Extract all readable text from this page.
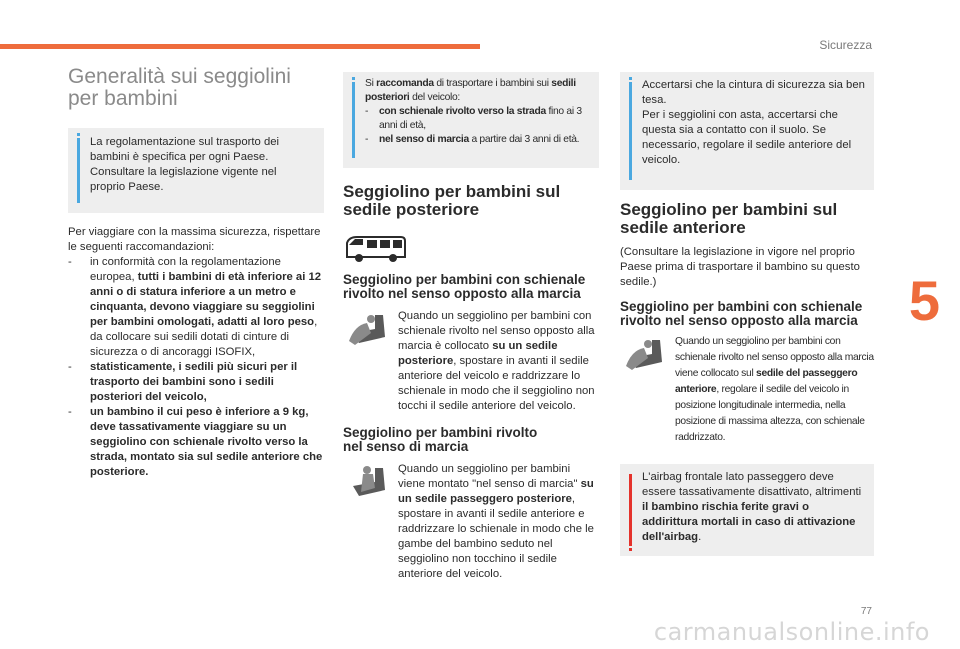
Sicurezza
5
77
carmanualsonline.info
Generalità sui seggiolini
per bambini
La regolamentazione sul trasporto dei bambini è specifica per ogni Paese. Consultare la legislazione vigente nel proprio Paese.
Per viaggiare con la massima sicurezza, rispettare le seguenti raccomandazioni:
-	in conformità con la regolamentazione europea, tutti i bambini di età inferiore ai 12 anni o di statura inferiore a un metro e cinquanta, devono viaggiare su seggiolini per bambini omologati, adatti al loro peso, da collocare sui sedili dotati di cinture di sicurezza o di ancoraggi ISOFIX,
-	statisticamente, i sedili più sicuri per il trasporto dei bambini sono i sedili posteriori del veicolo,
-	un bambino il cui peso è inferiore a 9 kg, deve tassativamente viaggiare su un seggiolino con schienale rivolto verso la strada, montato sia sul sedile anteriore che posteriore.
Si raccomanda di trasportare i bambini sui sedili posteriori del veicolo:
-	con schienale rivolto verso la strada fino ai 3 anni di età,
-	nel senso di marcia a partire dai 3 anni di età.
Seggiolino per bambini sul
sedile posteriore
Seggiolino per bambini con schienale
rivolto nel senso opposto alla marcia
Quando un seggiolino per bambini con schienale rivolto nel senso opposto alla marcia è collocato su un sedile posteriore, spostare in avanti il sedile anteriore del veicolo e raddrizzare lo schienale in modo che il seggiolino non tocchi il sedile anteriore del veicolo.
Seggiolino per bambini rivolto
nel senso di marcia
Quando un seggiolino per bambini viene montato "nel senso di marcia" su un sedile passeggero posteriore, spostare in avanti il sedile anteriore e raddrizzare lo schienale in modo che le gambe del bambino seduto nel seggiolino non tocchino il sedile anteriore del veicolo.
Accertarsi che la cintura di sicurezza sia ben tesa.
Per i seggiolini con asta, accertarsi che questa sia a contatto con il suolo. Se necessario, regolare il sedile anteriore del veicolo.
Seggiolino per bambini sul
sedile anteriore
(Consultare la legislazione in vigore nel proprio Paese prima di trasportare il bambino su questo sedile.)
Seggiolino per bambini con schienale
rivolto nel senso opposto alla marcia
Quando un seggiolino per bambini con schienale rivolto nel senso opposto alla marcia viene collocato sul sedile del passeggero anteriore, regolare il sedile del veicolo in posizione longitudinale intermedia, nella posizione di massima altezza, con schienale raddrizzato.
L'airbag frontale lato passeggero deve essere tassativamente disattivato, altrimenti il bambino rischia ferite gravi o addirittura mortali in caso di attivazione dell'airbag.
